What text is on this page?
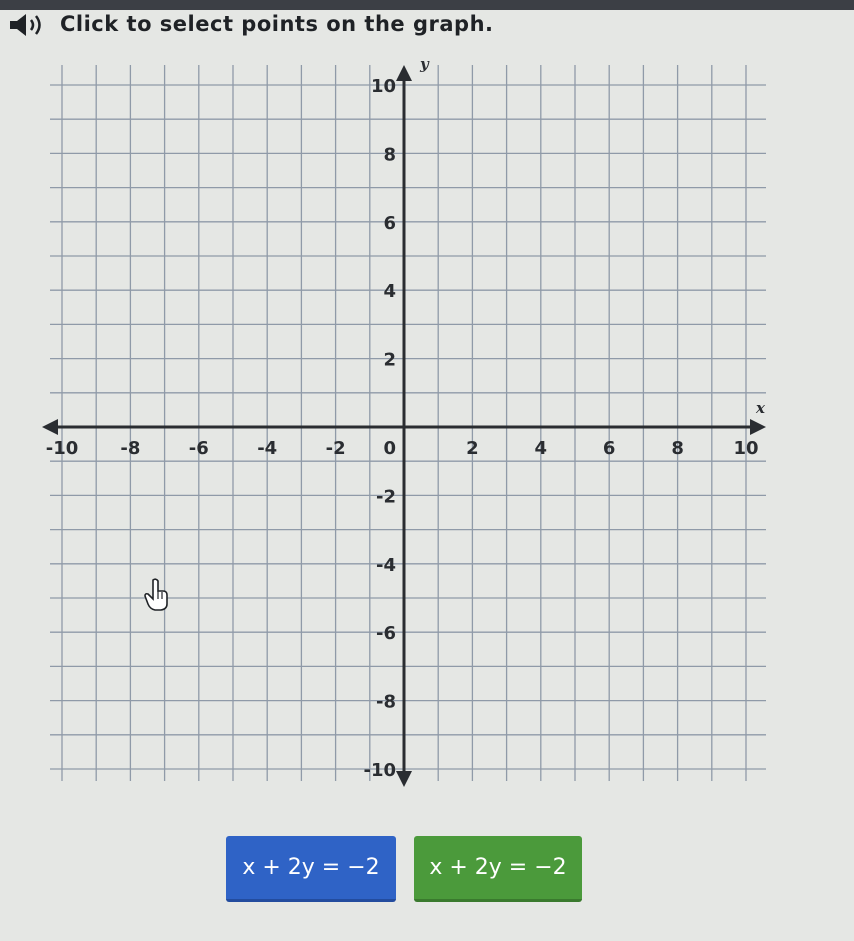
Click to select points on the graph.
x
y
-10 -8	-6	-4	-2 0	2	4	6	8	10
10
8
6
4
2
-2
-4
-6
-8
-10
x + 2y = −2 x + 2y = −2
